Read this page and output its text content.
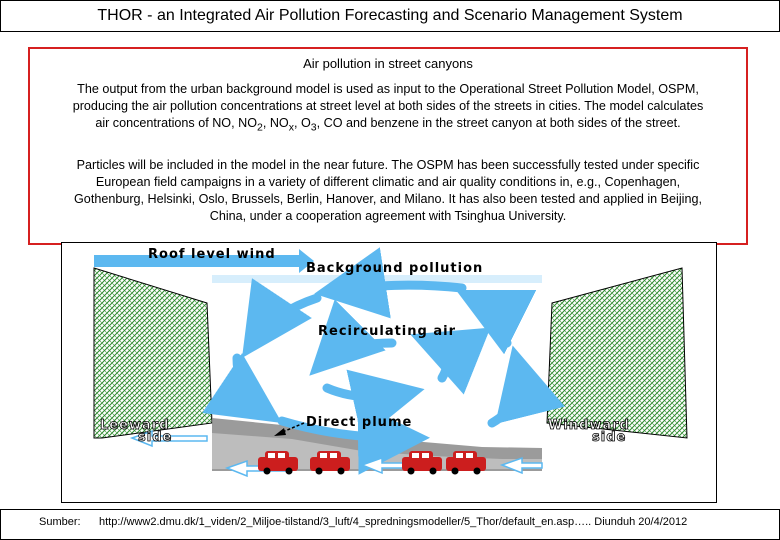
THOR - an Integrated Air Pollution Forecasting and Scenario Management System
Air pollution in street canyons
The output from the urban background model is used as input to the Operational Street Pollution Model, OSPM,
producing the air pollution concentrations at street level at both sides of the streets in cities. The model calculates
air concentrations of NO, $NO_2$, $NO_x$, $O_3$, CO and benzene in the street canyon at both sides of the street.
Particles will be included in the model in the near future. The OSPM has been successfully tested under specific
European field campaigns in a variety of different climatic and air quality conditions in, e.g., Copenhagen,
Gothenburg, Helsinki, Oslo, Brussels, Berlin, Hanover, and Milano. It has also been tested and applied in Beijing,
China, under a cooperation agreement with Tsinghua University.
Roof level wind
Background pollution
Recirculating air
Direct plume
Leeward
side
Windward
side
Sumber: http://www2.dmu.dk/1_viden/2_Miljoe-tilstand/3_luft/4_spredningsmodeller/5_Thor/default_en.asp….. Diunduh 20/4/2012
